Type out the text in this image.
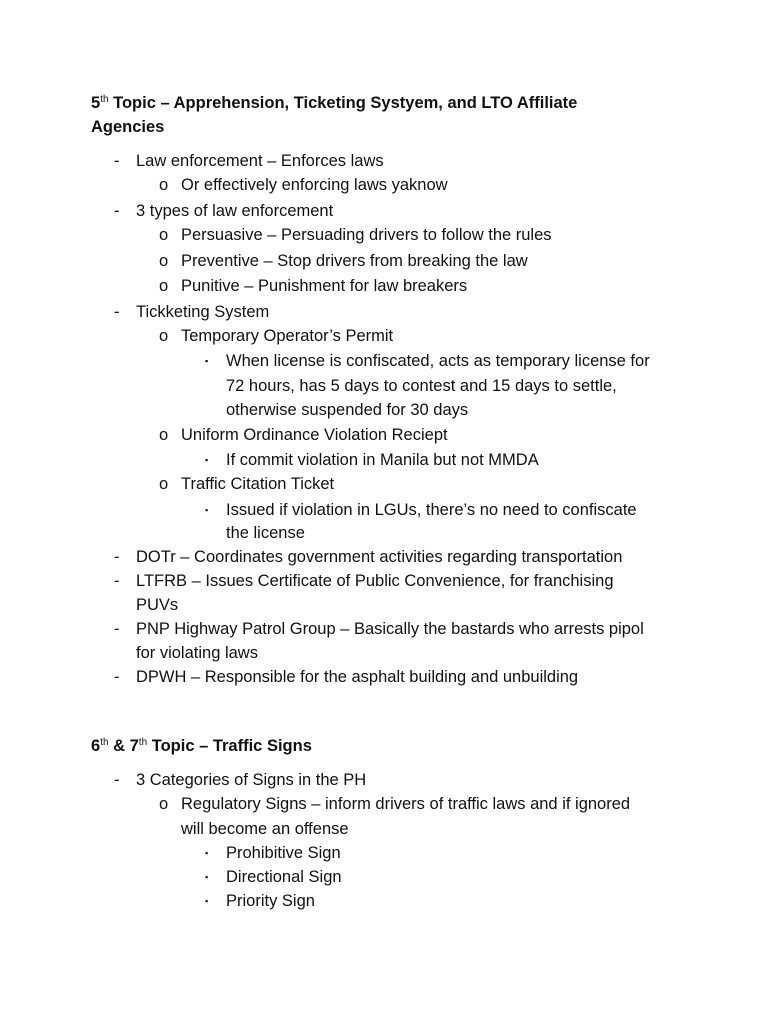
5th Topic – Apprehension, Ticketing Systyem, and LTO Affiliate
Agencies
- Law enforcement – Enforces laws
o Or effectively enforcing laws yaknow
- 3 types of law enforcement
o Persuasive – Persuading drivers to follow the rules
o Preventive – Stop drivers from breaking the law
o Punitive – Punishment for law breakers
- Tickketing System
o Temporary Operator’s Permit
▪ When license is confiscated, acts as temporary license for
72 hours, has 5 days to contest and 15 days to settle,
otherwise suspended for 30 days
o Uniform Ordinance Violation Reciept
▪ If commit violation in Manila but not MMDA
o Traffic Citation Ticket
▪ Issued if violation in LGUs, there’s no need to confiscate
the license
- DOTr – Coordinates government activities regarding transportation
- LTFRB – Issues Certificate of Public Convenience, for franchising
PUVs
- PNP Highway Patrol Group – Basically the bastards who arrests pipol
for violating laws
- DPWH – Responsible for the asphalt building and unbuilding
6th & 7th Topic – Traffic Signs
- 3 Categories of Signs in the PH
o Regulatory Signs – inform drivers of traffic laws and if ignored
will become an offense
▪ Prohibitive Sign
▪ Directional Sign
▪ Priority Sign
